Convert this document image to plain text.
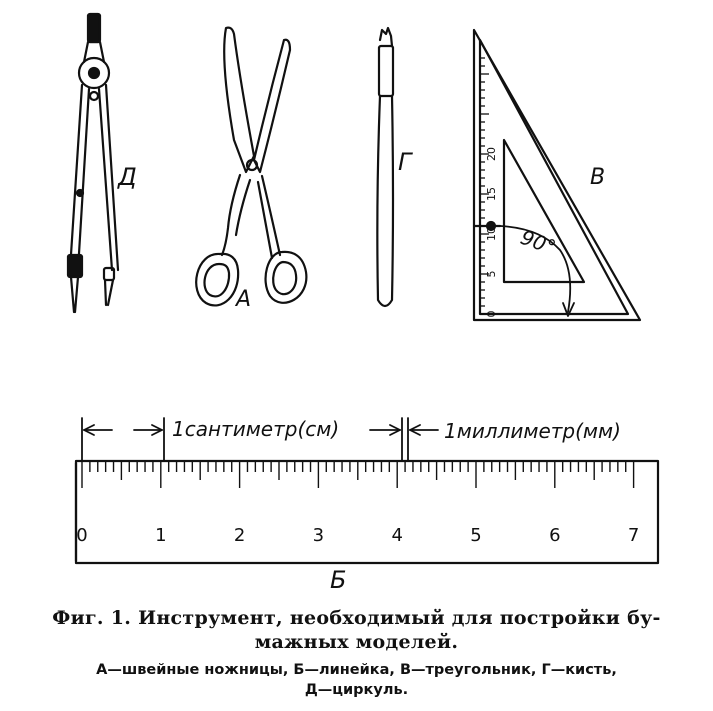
0
5
10
15
20
0	1	2	3	4	5	6	7
Д
А
Г
В
90°
Б
1сантиметр(см)	1миллиметр(мм)
Фиг. 1. Инструмент, необходимый для постройки бу-
мажных моделей.
А—швейные ножницы, Б—линейка, В—треугольник, Г—кисть,
Д—циркуль.
